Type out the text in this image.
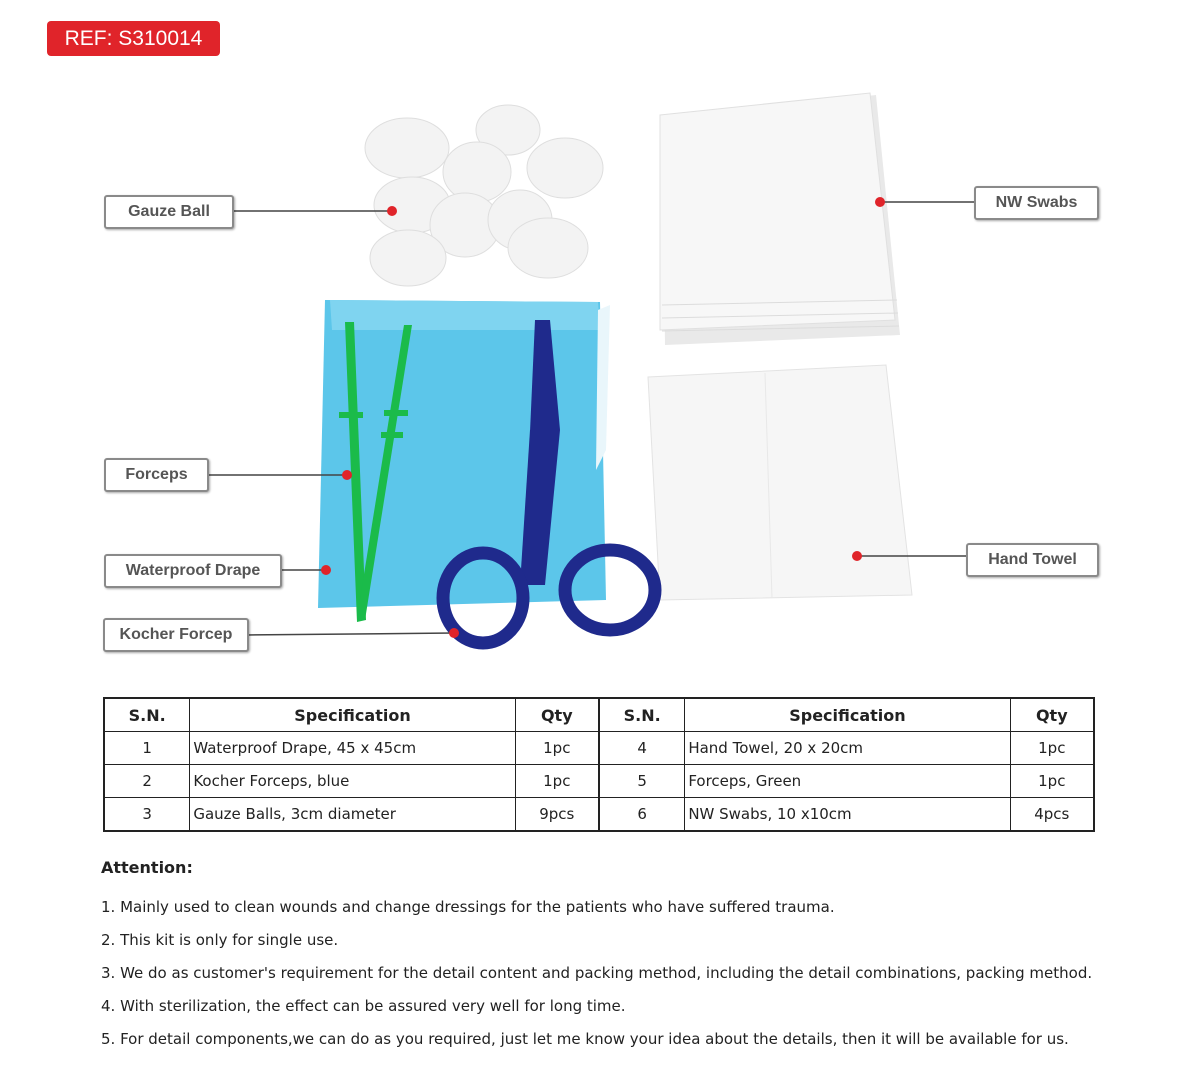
REF: S310014
Gauze Ball
NW Swabs
Forceps
Waterproof Drape
Kocher Forcep
Hand Towel
S.N.	Specification	Qty	S.N.	Specification	Qty
1	Waterproof Drape, 45 x 45cm	1pc	4	Hand Towel, 20 x 20cm	1pc
2	Kocher Forceps, blue	1pc	5	Forceps, Green	1pc
3	Gauze Balls, 3cm diameter	9pcs	6	NW Swabs, 10 x10cm	4pcs
Attention:
1. Mainly used to clean wounds and change dressings for the patients who have suffered trauma.
2. This kit is only for single use.
3. We do as customer's requirement for the detail content and packing method, including the detail combinations, packing method.
4. With sterilization, the effect can be assured very well for long time.
5. For detail components,we can do as you required, just let me know your idea about the details, then it will be available for us.
